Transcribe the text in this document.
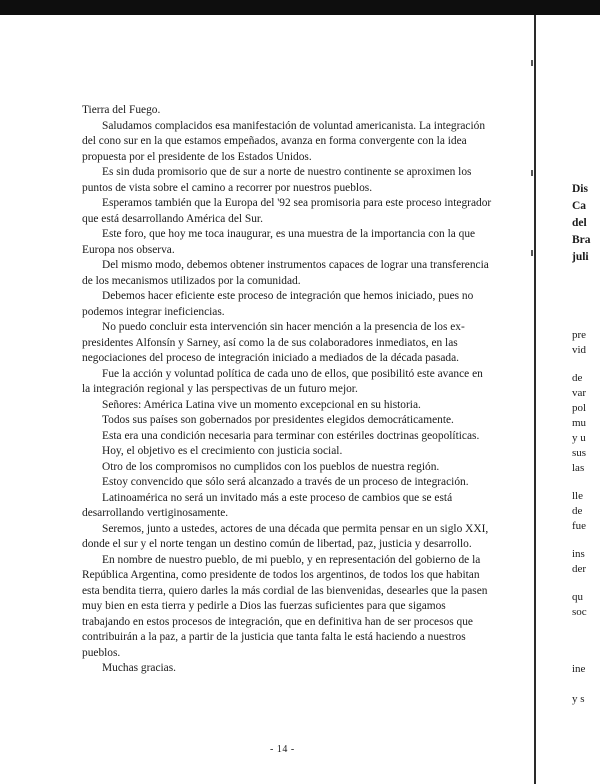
Tierra del Fuego.

Saludamos complacidos esa manifestación de voluntad americanista. La integración del cono sur en la que estamos empeñados, avanza en forma convergente con la idea propuesta por el presidente de los Estados Unidos.

Es sin duda promisorio que de sur a norte de nuestro continente se aproximen los puntos de vista sobre el camino a recorrer por nuestros pueblos.

Esperamos también que la Europa del '92 sea promisoria para este proceso integrador que está desarrollando América del Sur.

Este foro, que hoy me toca inaugurar, es una muestra de la importancia con la que Europa nos observa.

Del mismo modo, debemos obtener instrumentos capaces de lograr una transferencia de los mecanismos utilizados por la comunidad.

Debemos hacer eficiente este proceso de integración que hemos iniciado, pues no podemos integrar ineficiencias.

No puedo concluir esta intervención sin hacer mención a la presencia de los ex-presidentes Alfonsín y Sarney, así como la de sus colaboradores inmediatos, en las negociaciones del proceso de integración iniciado a mediados de la década pasada.

Fue la acción y voluntad política de cada uno de ellos, que posibilitó este avance en la integración regional y las perspectivas de un futuro mejor.

Señores: América Latina vive un momento excepcional en su historia.

Todos sus países son gobernados por presidentes elegidos democráticamente.

Esta era una condición necesaria para terminar con estériles doctrinas geopolíticas.

Hoy, el objetivo es el crecimiento con justicia social.

Otro de los compromisos no cumplidos con los pueblos de nuestra región.

Estoy convencido que sólo será alcanzado a través de un proceso de integración.

Latinoamérica no será un invitado más a este proceso de cambios que se está desarrollando vertiginosamente.

Seremos, junto a ustedes, actores de una década que permita pensar en un siglo XXI, donde el sur y el norte tengan un destino común de libertad, paz, justicia y desarrollo.

En nombre de nuestro pueblo, de mi pueblo, y en representación del gobierno de la República Argentina, como presidente de todos los argentinos, de todos los que habitan esta bendita tierra, quiero darles la más cordial de las bienvenidas, desearles que la pasen muy bien en esta tierra y pedirle a Dios las fuerzas suficientes para que sigamos trabajando en estos procesos de integración, que en definitiva han de ser procesos que contribuirán a la paz, a partir de la justicia que tanta falta le está haciendo a nuestros pueblos.

Muchas gracias.

- 14 -
Dis
Ca
del
Bra
juli
pre
vid
de
var
pol
mu
y u
sus
las
lle
de
fue
ins
der
qu
soc
ine
y s
